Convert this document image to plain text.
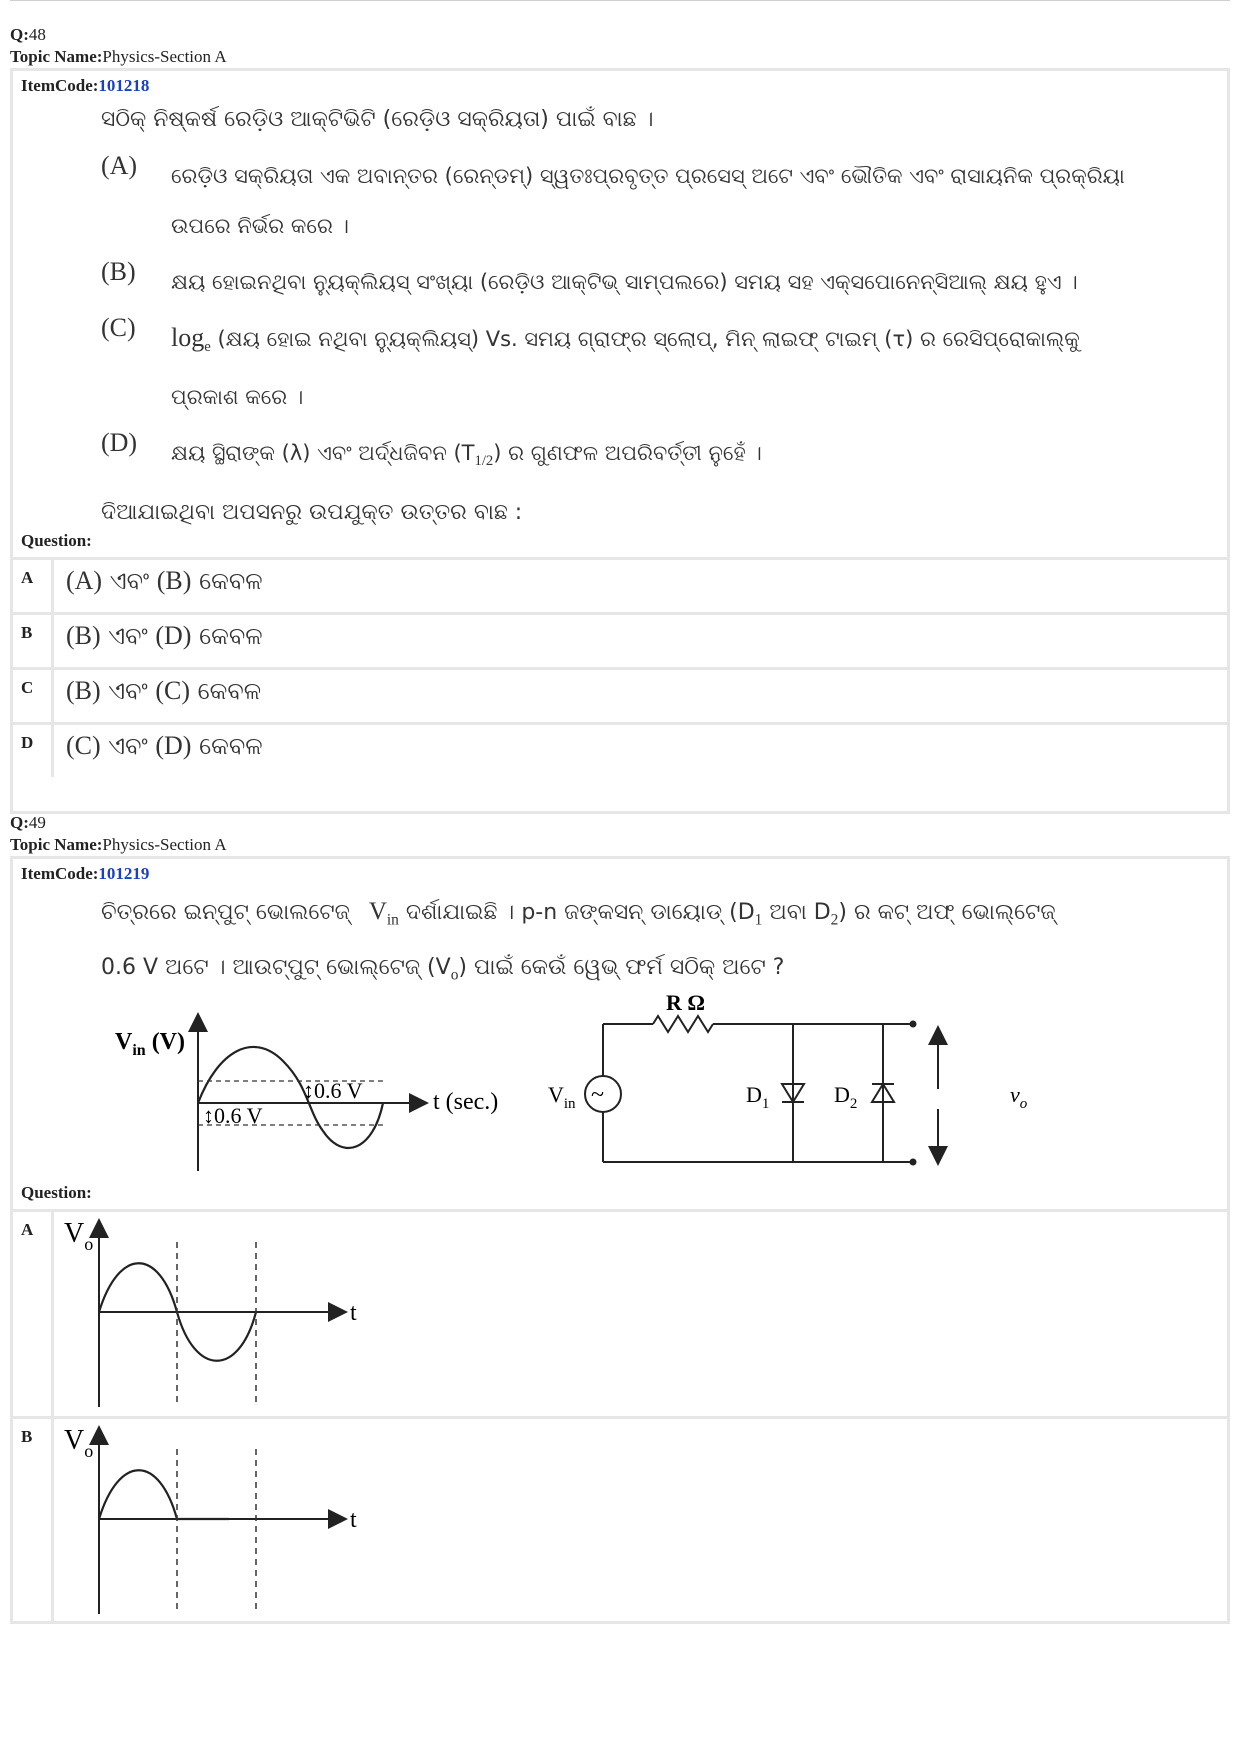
Q:48
Topic Name:Physics-Section A
ItemCode:101218
ସଠିକ୍ ନିଷ୍କର୍ଷ ରେଡ଼ିଓ ଆକ୍ଟିଭିଟି (ରେଡ଼ିଓ ସକ୍ରିୟତା) ପାଇଁ ବାଛ ।
(A)	ରେଡ଼ିଓ ସକ୍ରିୟତା ଏକ ଅବାନ୍ତର (ରେନ୍‌ଡମ୍) ସ୍ୱତଃପ୍ରବୃତ୍ତ ପ୍ରସେସ୍ ଅଟେ ଏବଂ ଭୌତିକ ଏବଂ ରାସାୟନିକ ପ୍ରକ୍ରିୟା
ଉପରେ ନିର୍ଭର କରେ ।
(B)	କ୍ଷୟ ହୋଇନଥିବା ନ୍ୟୁକ୍ଲିୟସ୍ ସଂଖ୍ୟା (ରେଡ଼ିଓ ଆକ୍ଟିଭ୍ ସାମ୍ପଲରେ) ସମୟ ସହ ଏକ୍ସପୋନେନ୍‌ସିଆଲ୍ କ୍ଷୟ ହୁଏ ।
(C)	$\log_e$ (କ୍ଷୟ ହୋଇ ନଥିବା ନ୍ୟୁକ୍ଲିୟସ୍) Vs. ସମୟ ଗ୍ରାଫ୍‌ର ସ୍ଲୋପ୍, ମିନ୍ ଲାଇଫ୍ ଟାଇମ୍ (τ) ର ରେସିପ୍ରୋକାଲ୍‌କୁ
ପ୍ରକାଶ କରେ ।
(D)	କ୍ଷୟ ସ୍ଥିରାଙ୍କ (λ) ଏବଂ ଅର୍ଦ୍ଧଜିବନ $(T_{1/2})$ ର ଗୁଣଫଳ ଅପରିବର୍ତ୍ତୀ ନୁହେଁ ।
ଦିଆଯାଇଥିବା ଅପସନରୁ ଉପଯୁକ୍ତ ଉତ୍ତର ବାଛ :
Question:
A	(A) ଏବଂ (B) କେବଳ
B	(B) ଏବଂ (D) କେବଳ
C	(B) ଏବଂ (C) କେବଳ
D	(C) ଏବଂ (D) କେବଳ
Q:49
Topic Name:Physics-Section A
ItemCode:101219
ଚିତ୍ରରେ ଇନ୍‌ପୁଟ୍ ଭୋଲଟେଜ୍ $V_{in}$ ଦର୍ଶାଯାଇଛି । p-n ଜଙ୍କସନ୍ ଡାୟୋଡ୍ ($D_1$ ଅବା $D_2$) ର କଟ୍ ଅଫ୍ ଭୋଲ୍‌ଟେଜ୍
0.6 V ଅଟେ । ଆଉଟ୍‌ପୁଟ୍ ଭୋଲ୍‌ଟେଜ୍ $(V_o)$ ପାଇଁ କେଉଁ ୱେଭ୍ ଫର୍ମ ସଠିକ୍ ଅଟେ ?
$V_{in}$ (V)
↕0.6 V
↕0.6 V
t (sec.)	~
R Ω
$V_{in}$	$D_1$	$D_2$	$v_o$
Question:
A	$V_o$
t
B	$V_o$
t
